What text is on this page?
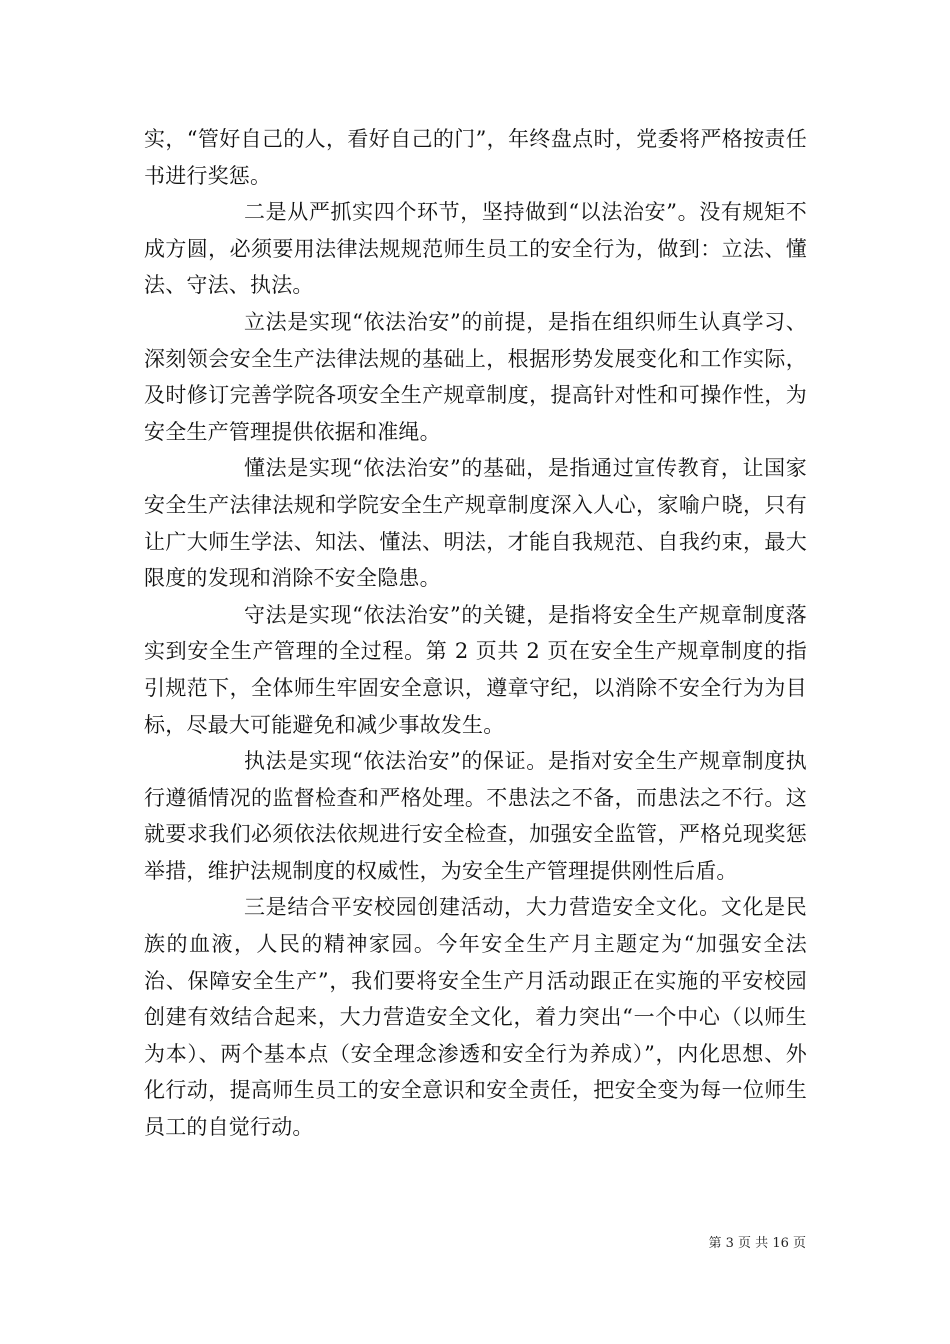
实，“管好自己的人，看好自己的门”，年终盘点时，党委将严格按责任书进行奖惩。

二是从严抓实四个环节，坚持做到“以法治安”。没有规矩不成方圆，必须要用法律法规规范师生员工的安全行为，做到：立法、懂法、守法、执法。

立法是实现“依法治安”的前提，是指在组织师生认真学习、深刻领会安全生产法律法规的基础上，根据形势发展变化和工作实际，及时修订完善学院各项安全生产规章制度，提高针对性和可操作性，为安全生产管理提供依据和准绳。

懂法是实现“依法治安”的基础，是指通过宣传教育，让国家安全生产法律法规和学院安全生产规章制度深入人心，家喻户晓，只有让广大师生学法、知法、懂法、明法，才能自我规范、自我约束，最大限度的发现和消除不安全隐患。

守法是实现“依法治安”的关键，是指将安全生产规章制度落实到安全生产管理的全过程。第 2 页共 2 页在安全生产规章制度的指引规范下，全体师生牢固安全意识，遵章守纪，以消除不安全行为为目标，尽最大可能避免和减少事故发生。

执法是实现“依法治安”的保证。是指对安全生产规章制度执行遵循情况的监督检查和严格处理。不患法之不备，而患法之不行。这就要求我们必须依法依规进行安全检查，加强安全监管，严格兑现奖惩举措，维护法规制度的权威性，为安全生产管理提供刚性后盾。

三是结合平安校园创建活动，大力营造安全文化。文化是民族的血液，人民的精神家园。今年安全生产月主题定为“加强安全法治、保障安全生产”，我们要将安全生产月活动跟正在实施的平安校园创建有效结合起来，大力营造安全文化，着力突出“一个中心（以师生为本）、两个基本点（安全理念渗透和安全行为养成）”，内化思想、外化行动，提高师生员工的安全意识和安全责任，把安全变为每一位师生员工的自觉行动。

第 3 页 共 16 页
